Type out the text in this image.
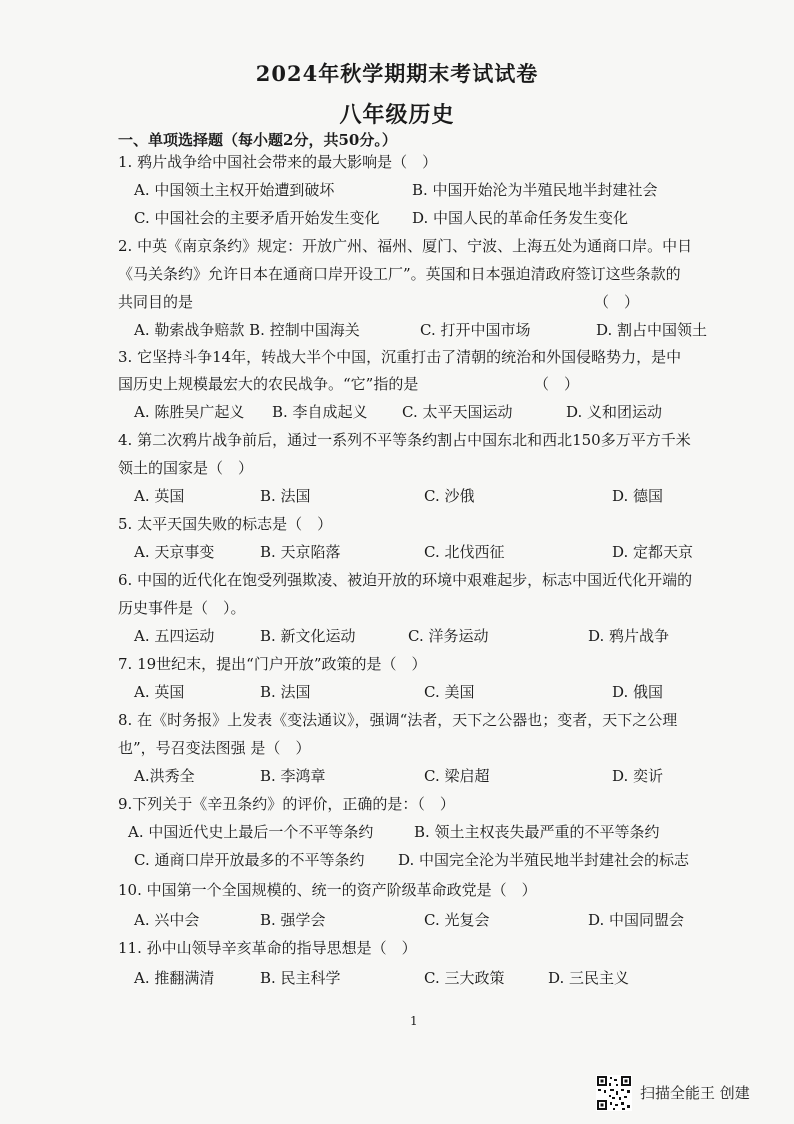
2024年秋学期期末考试试卷
八年级历史
一、单项选择题（每小题2分，共50分。）
1. 鸦片战争给中国社会带来的最大影响是（　）
A. 中国领土主权开始遭到破坏	B. 中国开始沦为半殖民地半封建社会
C. 中国社会的主要矛盾开始发生变化 D. 中国人民的革命任务发生变化
2. 中英《南京条约》规定：开放广州、福州、厦门、宁波、上海五处为通商口岸。中日
《马关条约》允许日本在通商口岸开设工厂”。英国和日本强迫清政府签订这些条款的
共同目的是	（　）
A. 勒索战争赔款 B. 控制中国海关	C. 打开中国市场	D. 割占中国领土
3. 它坚持斗争14年，转战大半个中国，沉重打击了清朝的统治和外国侵略势力，是中
国历史上规模最宏大的农民战争。“它”指的是	（　）
A. 陈胜吴广起义 B. 李自成起义 C. 太平天国运动	D. 义和团运动
4. 第二次鸦片战争前后，通过一系列不平等条约割占中国东北和西北150多万平方千米
领土的国家是（　）
A. 英国	B. 法国	C. 沙俄	D. 德国
5. 太平天国失败的标志是（　）
A. 天京事变	B. 天京陷落	C. 北伐西征	D. 定都天京
6. 中国的近代化在饱受列强欺凌、被迫开放的环境中艰难起步，标志中国近代化开端的
历史事件是（　）。
A. 五四运动	B. 新文化运动	C. 洋务运动	D. 鸦片战争
7. 19世纪末，提出“门户开放”政策的是（　）
A. 英国	B. 法国	C. 美国	D. 俄国
8. 在《时务报》上发表《变法通议》，强调“法者，天下之公器也；变者，天下之公理
也”，号召变法图强 是（　）
A.洪秀全	B. 李鸿章	C. 梁启超	D. 奕䜣
9.下列关于《辛丑条约》的评价，正确的是：（　）
A. 中国近代史上最后一个不平等条约	B. 领土主权丧失最严重的不平等条约
C. 通商口岸开放最多的不平等条约 D. 中国完全沦为半殖民地半封建社会的标志
10. 中国第一个全国规模的、统一的资产阶级革命政党是（　）
A. 兴中会	B. 强学会	C. 光复会	D. 中国同盟会
11. 孙中山领导辛亥革命的指导思想是（　）
A. 推翻满清	B. 民主科学	C. 三大政策	D. 三民主义
1
扫描全能王 创建
